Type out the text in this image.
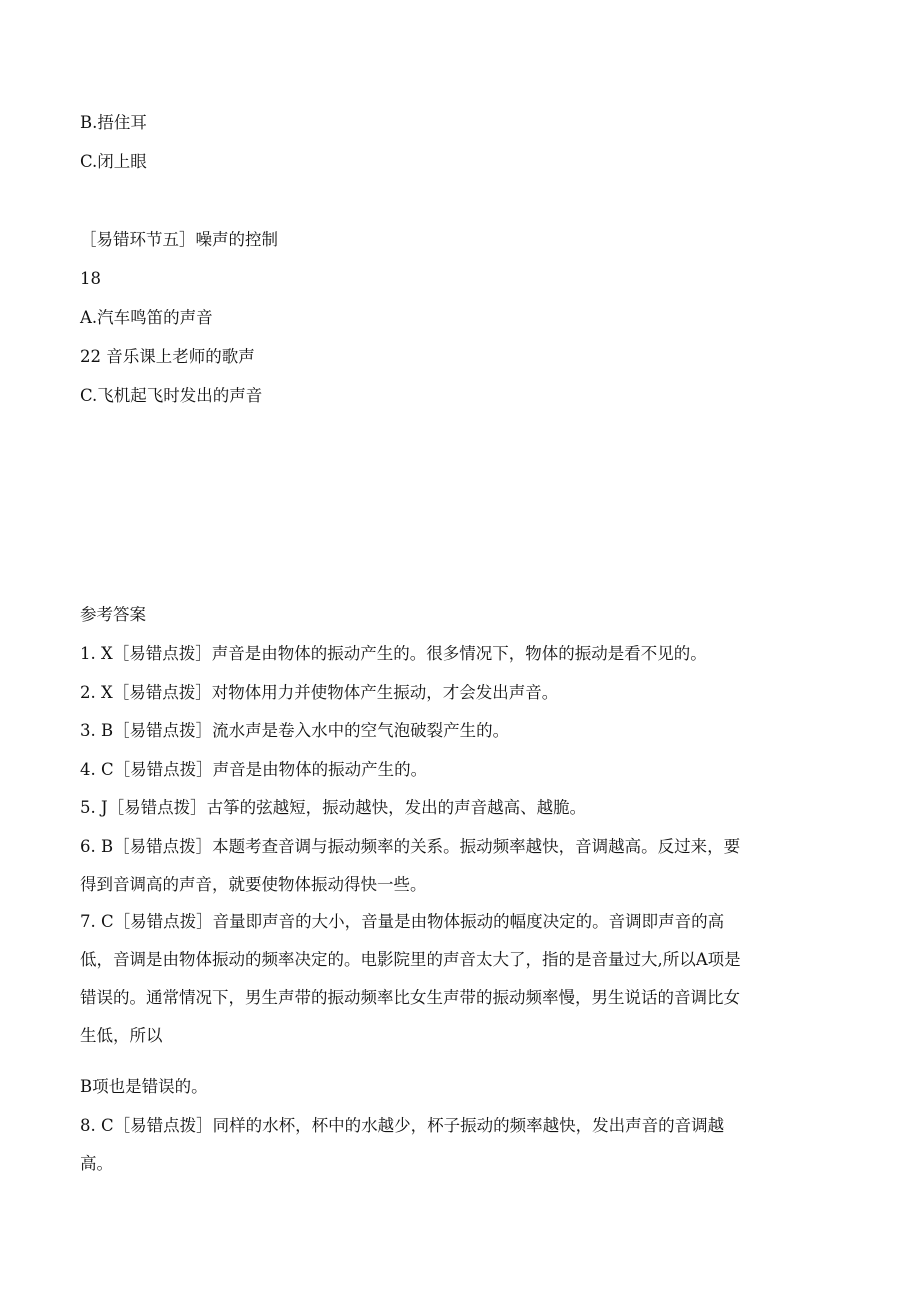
B.捂住耳
C.闭上眼
［易错环节五］噪声的控制
18
A.汽车鸣笛的声音
22 音乐课上老师的歌声
C.飞机起飞时发出的声音
参考答案
1. X［易错点拨］声音是由物体的振动产生的。很多情况下，物体的振动是看不见的。
2. X［易错点拨］对物体用力并使物体产生振动，才会发出声音。
3. B［易错点拨］流水声是卷入水中的空气泡破裂产生的。
4. C［易错点拨］声音是由物体的振动产生的。
5. J［易错点拨］古筝的弦越短，振动越快，发出的声音越高、越脆。
6. B［易错点拨］本题考查音调与振动频率的关系。振动频率越快，音调越高。反过来，要
得到音调高的声音，就要使物体振动得快一些。
7. C［易错点拨］音量即声音的大小，音量是由物体振动的幅度决定的。音调即声音的高
低，音调是由物体振动的频率决定的。电影院里的声音太大了，指的是音量过大,所以A项是
错误的。通常情况下，男生声带的振动频率比女生声带的振动频率慢，男生说话的音调比女
生低，所以
B项也是错误的。
8. C［易错点拨］同样的水杯，杯中的水越少，杯子振动的频率越快，发出声音的音调越
高。
